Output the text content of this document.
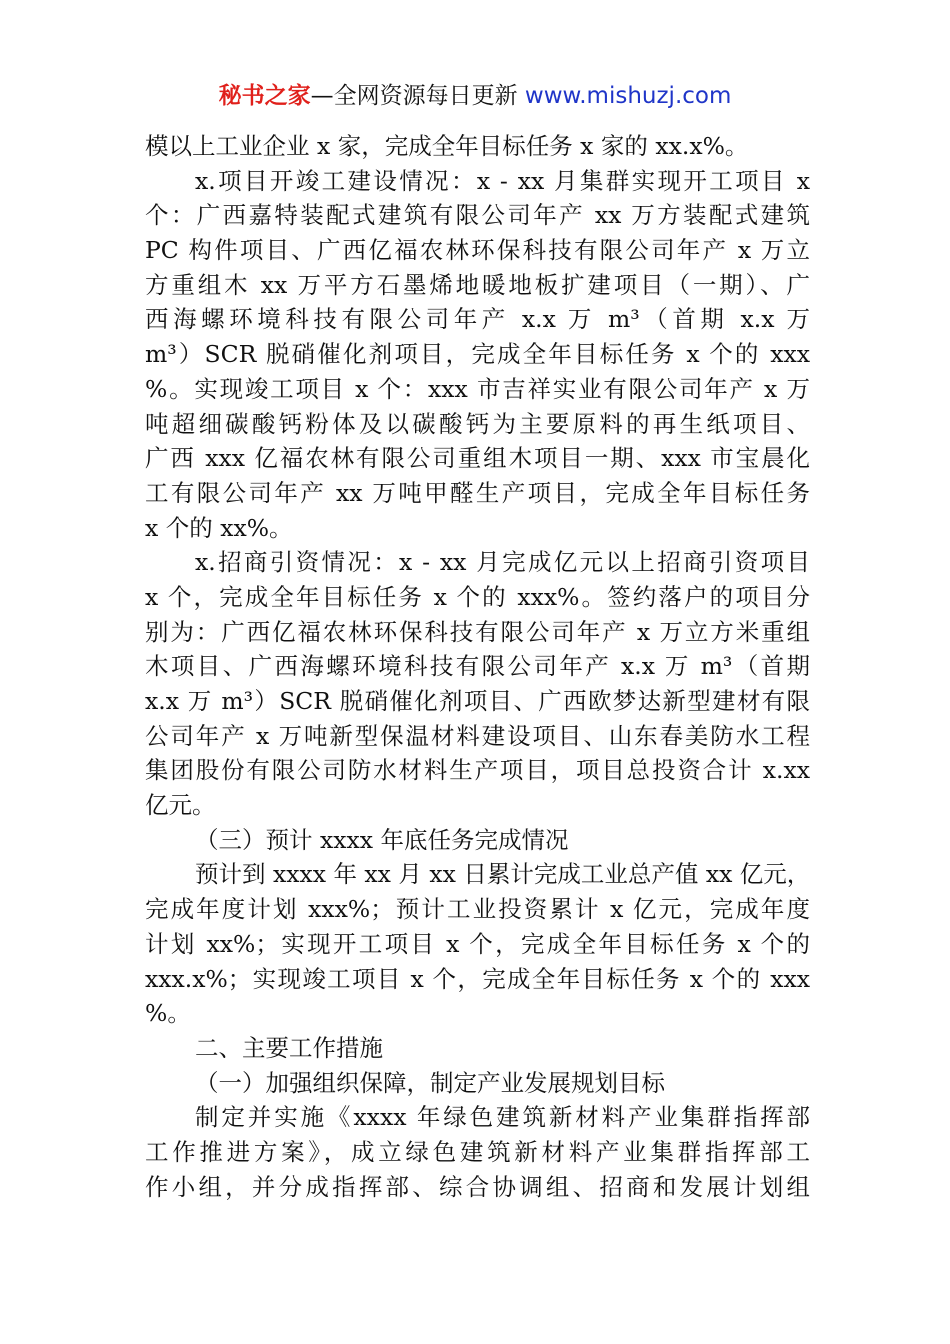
秘书之家—全网资源每日更新 www.mishuzj.com
模以上工业企业 x 家，完成全年目标任务 x 家的 xx.x%。
x.项目开竣工建设情况：x - xx 月集群实现开工项目 x
个：广西嘉特装配式建筑有限公司年产 xx 万方装配式建筑
PC 构件项目、广西亿福农林环保科技有限公司年产 x 万立
方重组木 xx 万平方石墨烯地暖地板扩建项目（一期）、广
西海螺环境科技有限公司年产 x.x 万 m³（首期 x.x 万
m³）SCR 脱硝催化剂项目，完成全年目标任务 x 个的 xxx
%。实现竣工项目 x 个：xxx 市吉祥实业有限公司年产 x 万
吨超细碳酸钙粉体及以碳酸钙为主要原料的再生纸项目、
广西 xxx 亿福农林有限公司重组木项目一期、xxx 市宝晨化
工有限公司年产 xx 万吨甲醛生产项目，完成全年目标任务
x 个的 xx%。
x.招商引资情况：x - xx 月完成亿元以上招商引资项目
x 个，完成全年目标任务 x 个的 xxx%。签约落户的项目分
别为：广西亿福农林环保科技有限公司年产 x 万立方米重组
木项目、广西海螺环境科技有限公司年产 x.x 万 m³（首期
x.x 万 m³）SCR 脱硝催化剂项目、广西欧梦达新型建材有限
公司年产 x 万吨新型保温材料建设项目、山东春美防水工程
集团股份有限公司防水材料生产项目，项目总投资合计 x.xx
亿元。
（三）预计 xxxx 年底任务完成情况
预计到 xxxx 年 xx 月 xx 日累计完成工业总产值 xx 亿元，
完成年度计划 xxx%；预计工业投资累计 x 亿元，完成年度
计划 xx%；实现开工项目 x 个，完成全年目标任务 x 个的
xxx.x%；实现竣工项目 x 个，完成全年目标任务 x 个的 xxx
%。
二、主要工作措施
（一）加强组织保障，制定产业发展规划目标
制定并实施《xxxx 年绿色建筑新材料产业集群指挥部
工作推进方案》，成立绿色建筑新材料产业集群指挥部工
作小组，并分成指挥部、综合协调组、招商和发展计划组
